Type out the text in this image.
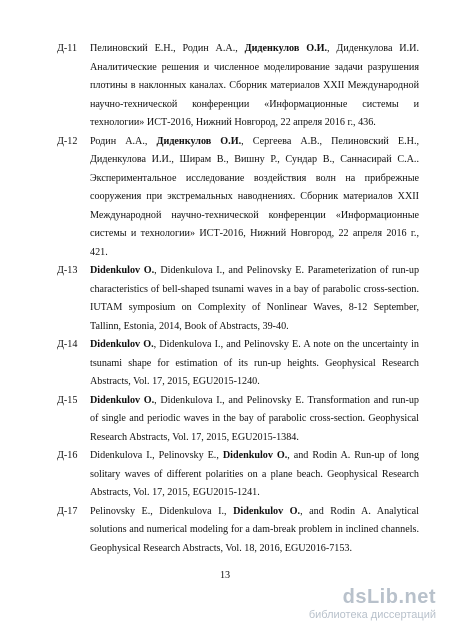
Д-11 Пелиновский Е.Н., Родин А.А., Диденкулов О.И., Диденкулова И.И. Аналитические решения и численное моделирование задачи разрушения плотины в наклонных каналах. Сборник материалов XXII Международной научно-технической конференции «Информационные системы и технологии» ИСТ-2016, Нижний Новгород, 22 апреля 2016 г., 436.

Д-12 Родин А.А., Диденкулов О.И., Сергеева А.В., Пелиновский Е.Н., Диденкулова И.И., Ширам В., Вишну Р., Сундар В., Саннасирай С.А.. Экспериментальное исследование воздействия волн на прибрежные сооружения при экстремальных наводнениях. Сборник материалов XXII Международной научно-технической конференции «Информационные системы и технологии» ИСТ-2016, Нижний Новгород, 22 апреля 2016 г., 421.

Д-13 Didenkulov O., Didenkulova I., and Pelinovsky E. Parameterization of run-up characteristics of bell-shaped tsunami waves in a bay of parabolic cross-section. IUTAM symposium on Complexity of Nonlinear Waves, 8-12 September, Tallinn, Estonia, 2014, Book of Abstracts, 39-40.

Д-14 Didenkulov O., Didenkulova I., and Pelinovsky E. A note on the uncertainty in tsunami shape for estimation of its run-up heights. Geophysical Research Abstracts, Vol. 17, 2015, EGU2015-1240.

Д-15 Didenkulov O., Didenkulova I., and Pelinovsky E. Transformation and run-up of single and periodic waves in the bay of parabolic cross-section. Geophysical Research Abstracts, Vol. 17, 2015, EGU2015-1384.

Д-16 Didenkulova I., Pelinovsky E., Didenkulov O., and Rodin A. Run-up of long solitary waves of different polarities on a plane beach. Geophysical Research Abstracts, Vol. 17, 2015, EGU2015-1241.

Д-17 Pelinovsky E., Didenkulova I., Didenkulov O., and Rodin A. Analytical solutions and numerical modeling for a dam-break problem in inclined channels. Geophysical Research Abstracts, Vol. 18, 2016, EGU2016-7153.

13
dsLib.net
библиотека диссертаций
